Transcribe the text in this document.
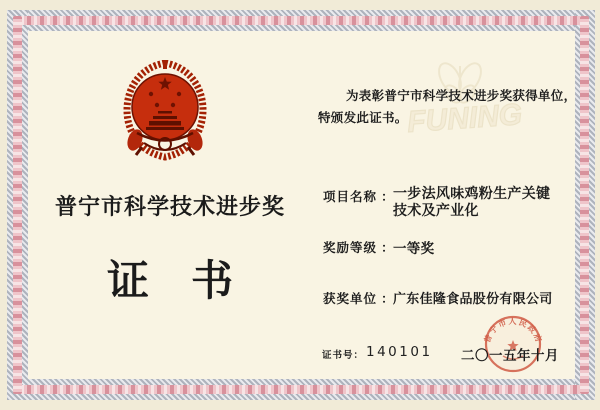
FUNING
普宁市科学技术进步奖
证书
为表彰普宁市科学技术进步奖获得单位，
特颁发此证书。
项目名称 ：
一步法风味鸡粉生产关键技术及产业化
奖励等级 ：
一等奖
获奖单位 ：
广东佳隆食品股份有限公司
普宁市人民政府
证书号： 140101 二〇一五年十月
